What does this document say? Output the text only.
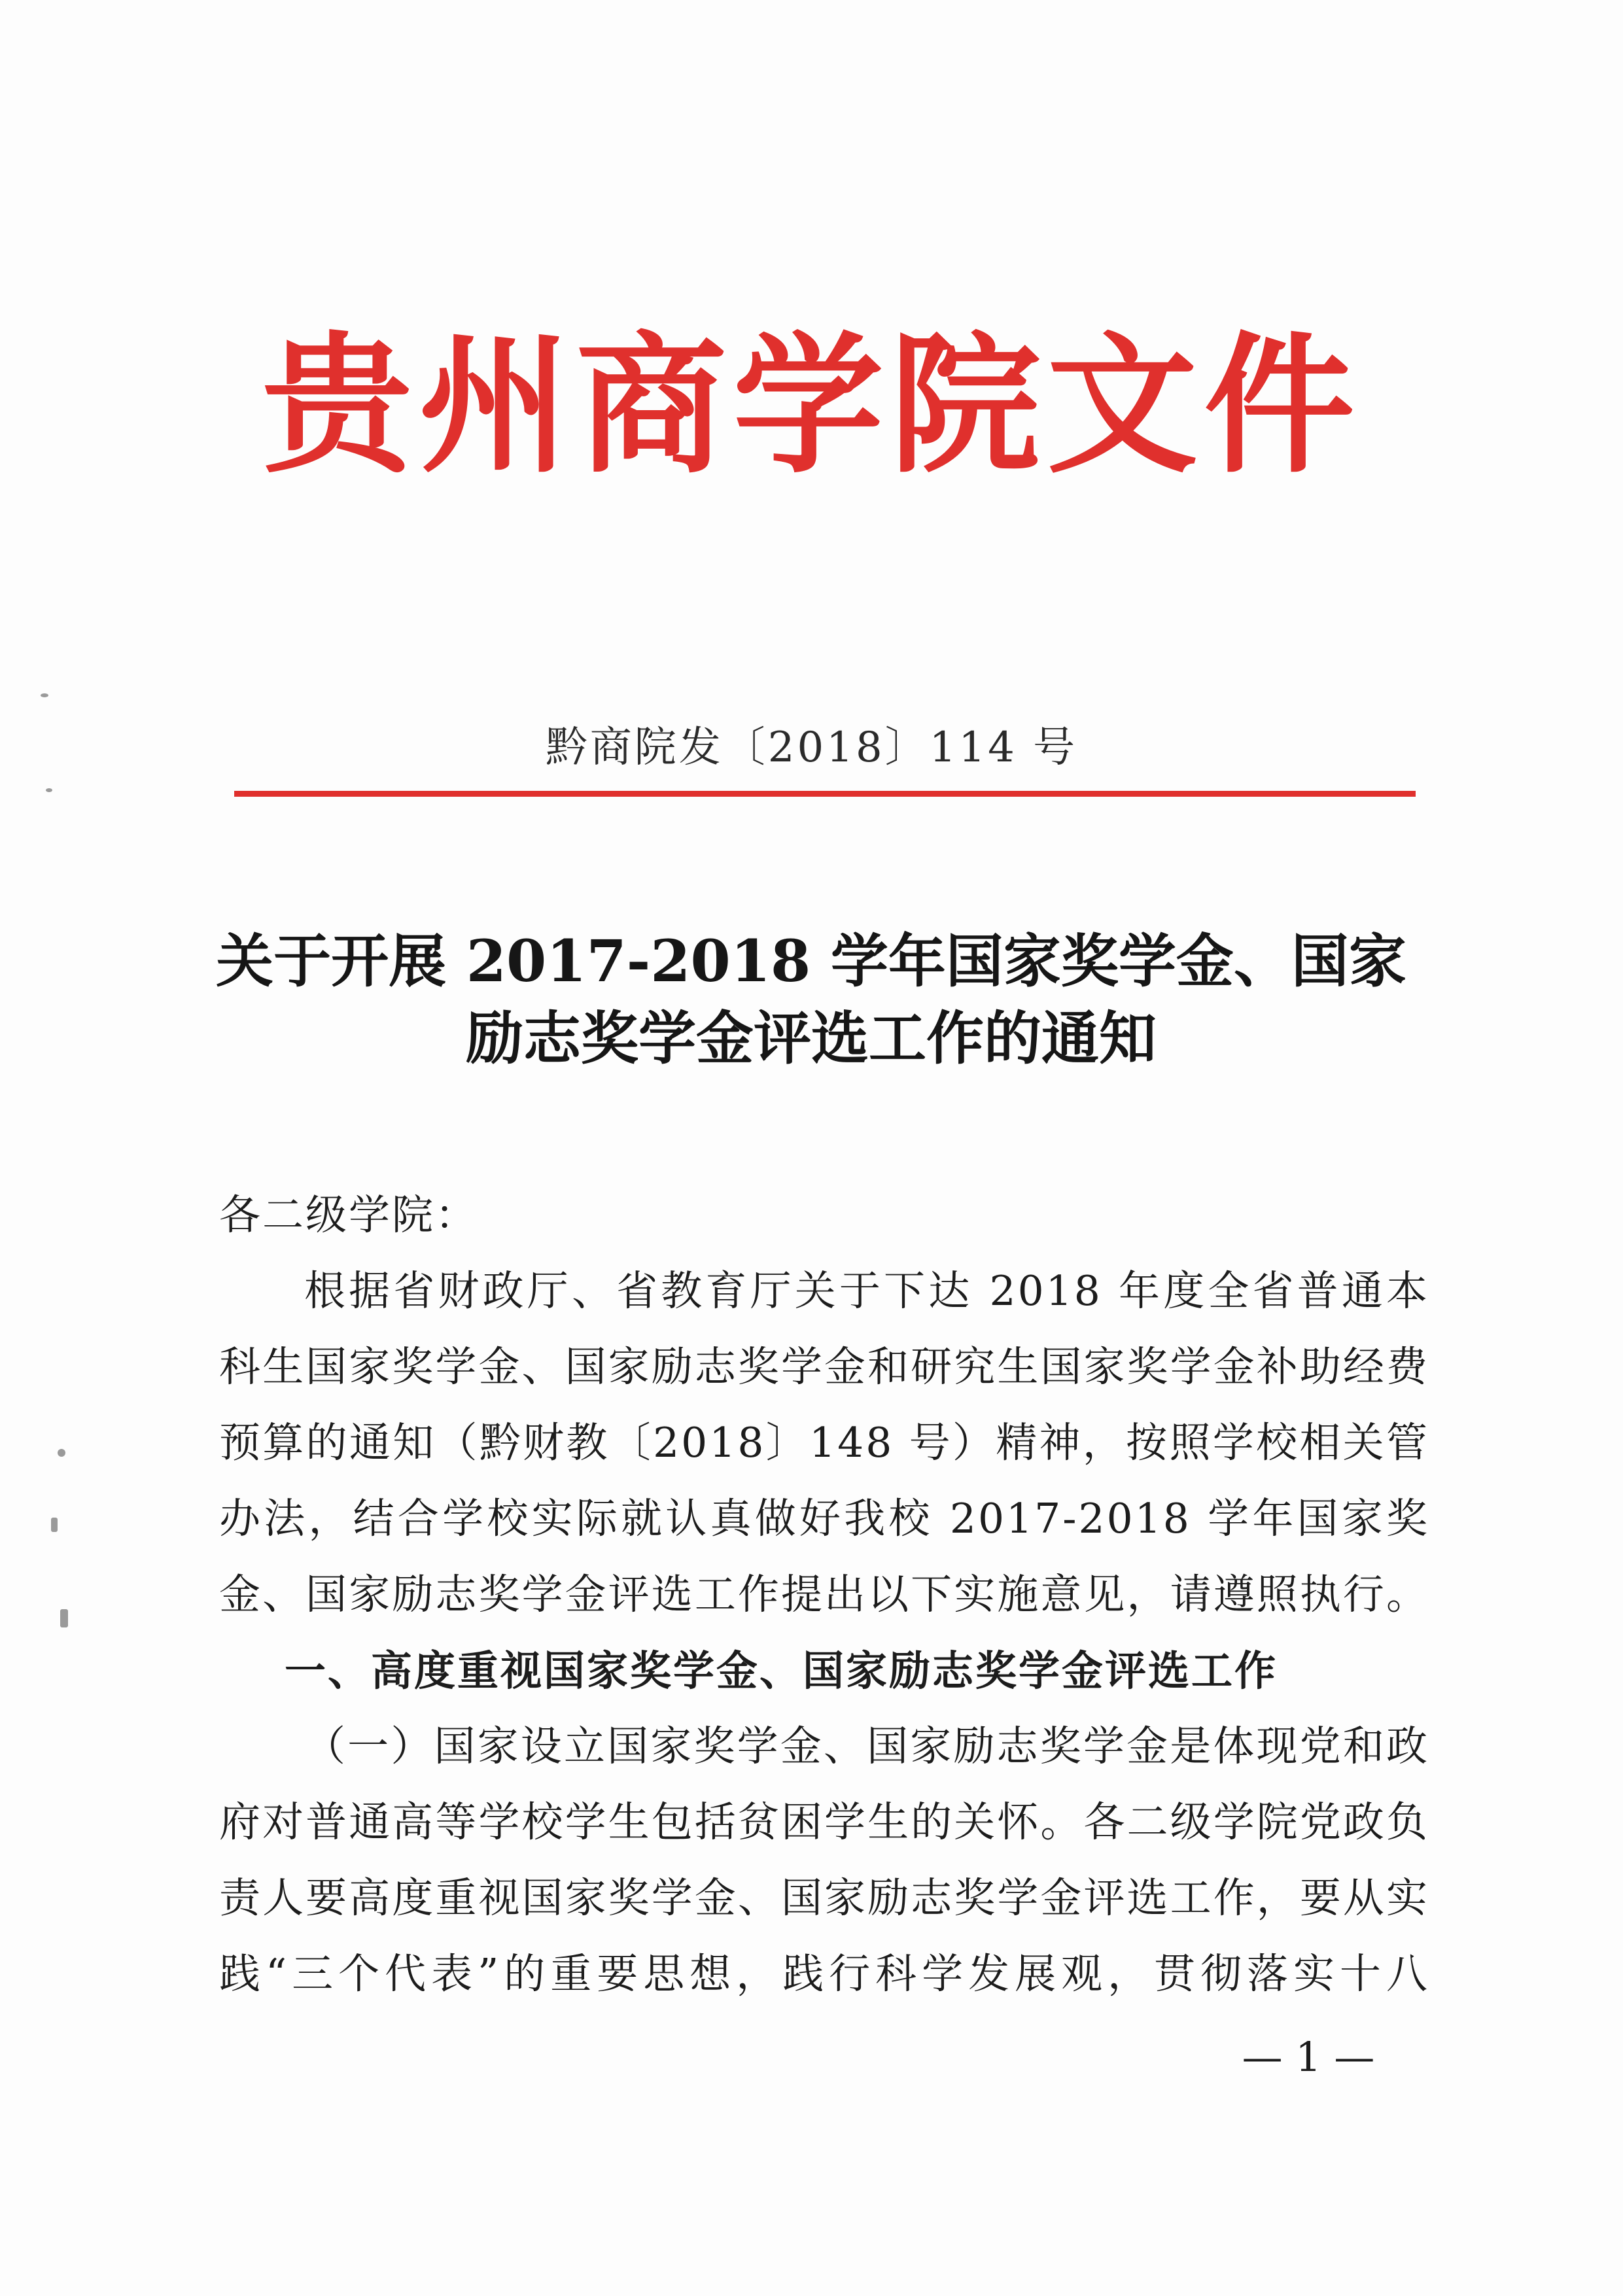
贵州商学院文件
黔商院发〔2018〕114 号
关于开展 2017-2018 学年国家奖学金、国家
励志奖学金评选工作的通知
各二级学院：
根据省财政厅、省教育厅关于下达 2018 年度全省普通本
科生国家奖学金、国家励志奖学金和研究生国家奖学金补助经费
预算的通知（黔财教〔2018〕148 号）精神，按照学校相关管
办法，结合学校实际就认真做好我校 2017-2018 学年国家奖
金、国家励志奖学金评选工作提出以下实施意见，请遵照执行。
一、高度重视国家奖学金、国家励志奖学金评选工作
（一）国家设立国家奖学金、国家励志奖学金是体现党和政
府对普通高等学校学生包括贫困学生的关怀。各二级学院党政负
责人要高度重视国家奖学金、国家励志奖学金评选工作，要从实
践“三个代表”的重要思想，践行科学发展观，贯彻落实十八
— 1 —
